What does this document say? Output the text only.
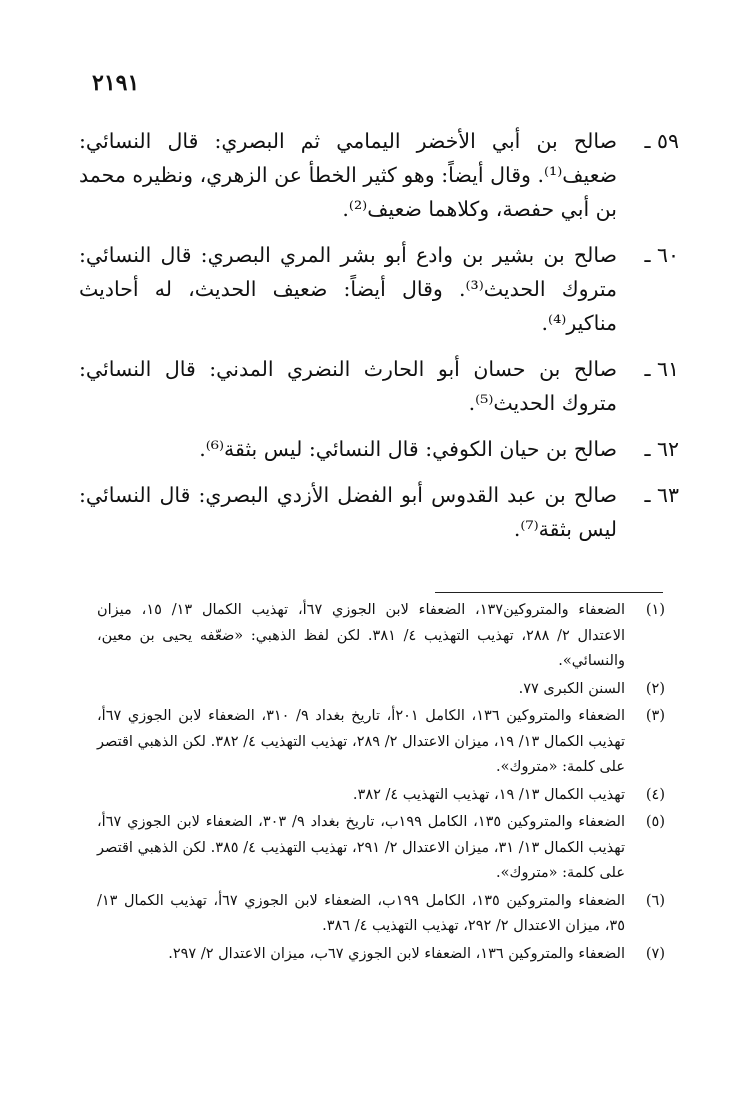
٢١٩١
٥٩ ـ
صالح بن أبي الأخضر اليمامي ثم البصري: قال النسائي: ضعيف⁽¹⁾. وقال أيضاً: وهو كثير الخطأ عن الزهري، ونظيره محمد بن أبي حفصة، وكلاهما ضعيف⁽²⁾.
٦٠ ـ
صالح بن بشير بن وادع أبو بشر المري البصري: قال النسائي: متروك الحديث⁽³⁾. وقال أيضاً: ضعيف الحديث، له أحاديث مناكير⁽⁴⁾.
٦١ ـ
صالح بن حسان أبو الحارث النضري المدني: قال النسائي: متروك الحديث⁽⁵⁾.
٦٢ ـ
صالح بن حيان الكوفي: قال النسائي: ليس بثقة⁽⁶⁾.
٦٣ ـ
صالح بن عبد القدوس أبو الفضل الأزدي البصري: قال النسائي: ليس بثقة⁽⁷⁾.
(١)
الضعفاء والمتروكين١٣٧، الضعفاء لابن الجوزي ٦٧أ، تهذيب الكمال ١٣/ ١٥، ميزان الاعتدال ٢/ ٢٨٨، تهذيب التهذيب ٤/ ٣٨١. لكن لفظ الذهبي: «ضعّفه يحيى بن معين، والنسائي».
(٢)
السنن الكبرى ٧٧.
(٣)
الضعفاء والمتروكين ١٣٦، الكامل ٢٠١أ، تاريخ بغداد ٩/ ٣١٠، الضعفاء لابن الجوزي ٦٧أ، تهذيب الكمال ١٣/ ١٩، ميزان الاعتدال ٢/ ٢٨٩، تهذيب التهذيب ٤/ ٣٨٢. لكن الذهبي اقتصر على كلمة: «متروك».
(٤)
تهذيب الكمال ١٣/ ١٩، تهذيب التهذيب ٤/ ٣٨٢.
(٥)
الضعفاء والمتروكين ١٣٥، الكامل ١٩٩ب، تاريخ بغداد ٩/ ٣٠٣، الضعفاء لابن الجوزي ٦٧أ، تهذيب الكمال ١٣/ ٣١، ميزان الاعتدال ٢/ ٢٩١، تهذيب التهذيب ٤/ ٣٨٥. لكن الذهبي اقتصر على كلمة: «متروك».
(٦)
الضعفاء والمتروكين ١٣٥، الكامل ١٩٩ب، الضعفاء لابن الجوزي ٦٧أ، تهذيب الكمال ١٣/ ٣٥، ميزان الاعتدال ٢/ ٢٩٢، تهذيب التهذيب ٤/ ٣٨٦.
(٧)
الضعفاء والمتروكين ١٣٦، الضعفاء لابن الجوزي ٦٧ب، ميزان الاعتدال ٢/ ٢٩٧.
